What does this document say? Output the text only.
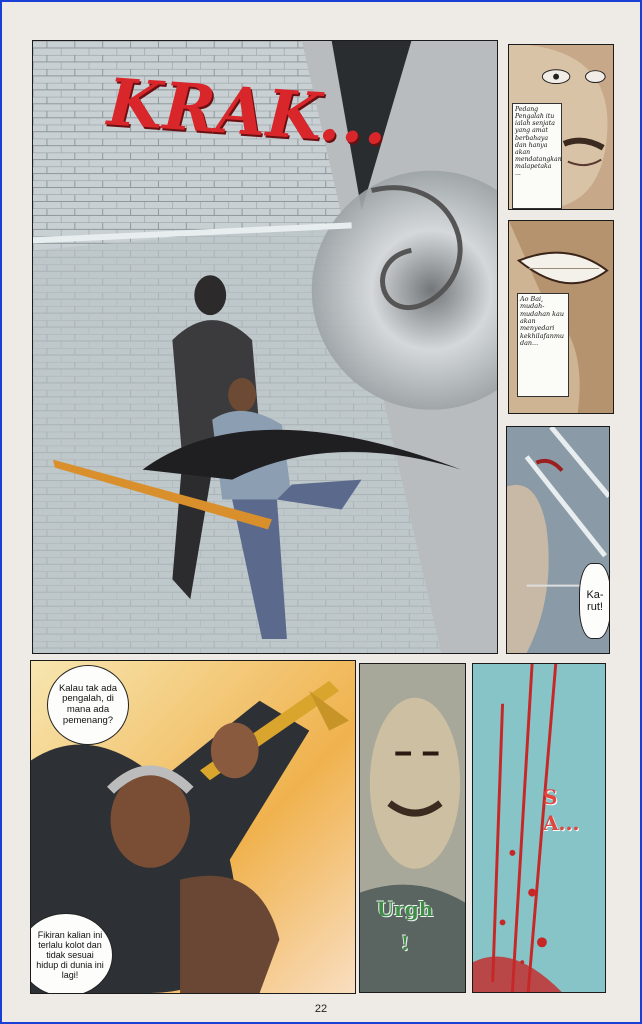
KRAK...	Pedang Pengalah itu ialah senjata yang amat berbahaya dan hanya akan mendatangkan malapetaka ...
Ao Bai, mudah-mudahan kau akan menyedari kekhilafanmu dan...
Ka-rut!
Kalau tak ada pengalah, di mana ada pemenang?
Fikiran kalian ini terlalu kolot dan tidak sesuai hidup di dunia ini lagi!
Urgh !
SA...
22
